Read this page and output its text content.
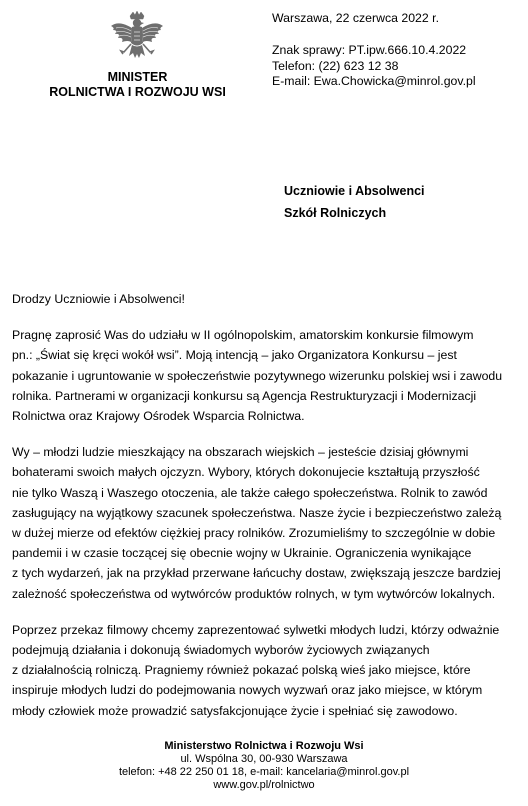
MINISTER
ROLNICTWA I ROZWOJU WSI
Warszawa, 22 czerwca 2022 r.
Znak sprawy: PT.ipw.666.10.4.2022
Telefon: (22) 623 12 38
E-mail: Ewa.Chowicka@minrol.gov.pl
Uczniowie i Absolwenci
Szkół Rolniczych

Drodzy Uczniowie i Absolwenci!

Pragnę zaprosić Was do udziału w II ogólnopolskim, amatorskim konkursie filmowym
pn.: „Świat się kręci wokół wsi”. Moją intencją – jako Organizatora Konkursu – jest
pokazanie i ugruntowanie w społeczeństwie pozytywnego wizerunku polskiej wsi i zawodu
rolnika. Partnerami w organizacji konkursu są Agencja Restrukturyzacji i Modernizacji
Rolnictwa oraz Krajowy Ośrodek Wsparcia Rolnictwa.

Wy – młodzi ludzie mieszkający na obszarach wiejskich – jesteście dzisiaj głównymi
bohaterami swoich małych ojczyzn. Wybory, których dokonujecie kształtują przyszłość
nie tylko Waszą i Waszego otoczenia, ale także całego społeczeństwa. Rolnik to zawód
zasługujący na wyjątkowy szacunek społeczeństwa. Nasze życie i bezpieczeństwo zależą
w dużej mierze od efektów ciężkiej pracy rolników. Zrozumieliśmy to szczególnie w dobie
pandemii i w czasie toczącej się obecnie wojny w Ukrainie. Ograniczenia wynikające
z tych wydarzeń, jak na przykład przerwane łańcuchy dostaw, zwiększają jeszcze bardziej
zależność społeczeństwa od wytwórców produktów rolnych, w tym wytwórców lokalnych.

Poprzez przekaz filmowy chcemy zaprezentować sylwetki młodych ludzi, którzy odważnie
podejmują działania i dokonują świadomych wyborów życiowych związanych
z działalnością rolniczą. Pragniemy również pokazać polską wieś jako miejsce, które
inspiruje młodych ludzi do podejmowania nowych wyzwań oraz jako miejsce, w którym
młody człowiek może prowadzić satysfakcjonujące życie i spełniać się zawodowo.

Ministerstwo Rolnictwa i Rozwoju Wsi
ul. Wspólna 30, 00-930 Warszawa
telefon: +48 22 250 01 18, e-mail: kancelaria@minrol.gov.pl
www.gov.pl/rolnictwo
